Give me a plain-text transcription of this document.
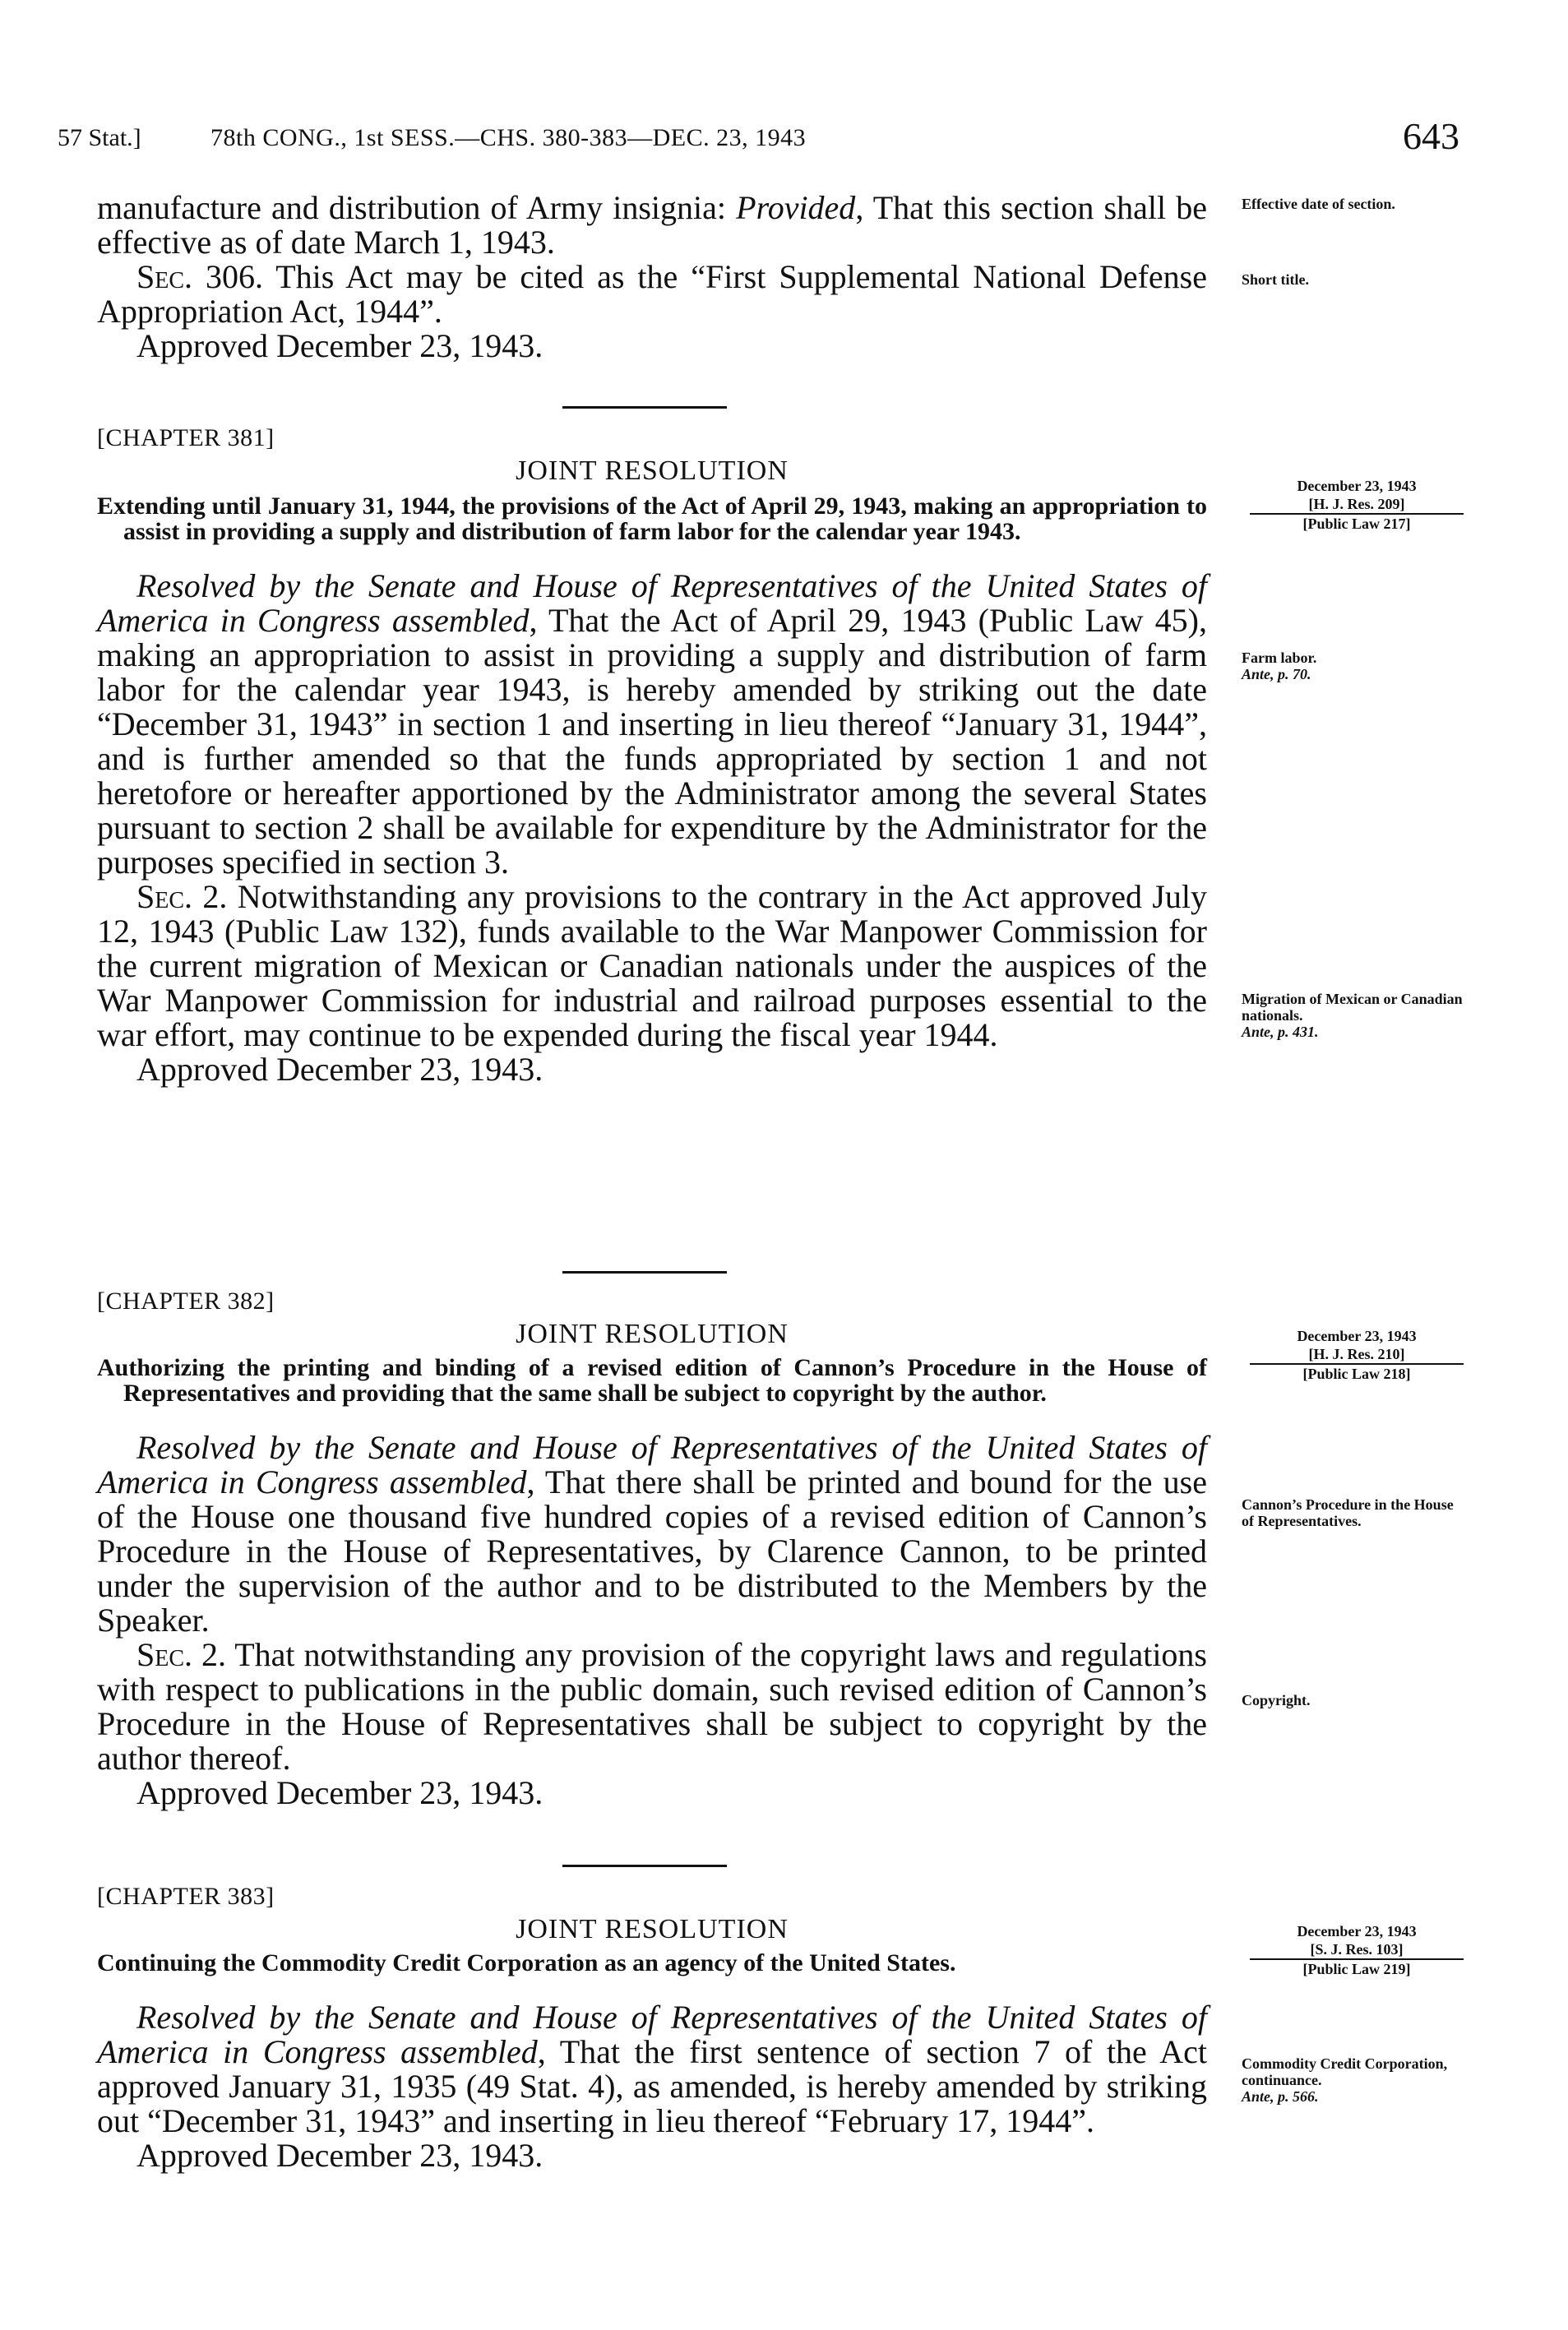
57 Stat.]	78th CONG., 1st SESS.—CHS. 380-383—DEC. 23, 1943	643

manufacture and distribution of Army insignia: Provided, That this section shall be effective as of date March 1, 1943.

Sec. 306. This Act may be cited as the “First Supplemental National Defense Appropriation Act, 1944”.

Approved December 23, 1943.

Effective date of section.
Short title.

[CHAPTER 381]

JOINT RESOLUTION

Extending until January 31, 1944, the provisions of the Act of April 29, 1943, making an appropriation to assist in providing a supply and distribution of farm labor for the calendar year 1943.

Resolved by the Senate and House of Representatives of the United States of America in Congress assembled, That the Act of April 29, 1943 (Public Law 45), making an appropriation to assist in providing a supply and distribution of farm labor for the calendar year 1943, is hereby amended by striking out the date “December 31, 1943” in section 1 and inserting in lieu thereof “January 31, 1944”, and is further amended so that the funds appropriated by section 1 and not heretofore or hereafter apportioned by the Administrator among the several States pursuant to section 2 shall be available for expenditure by the Administrator for the purposes specified in section 3.

Sec. 2. Notwithstanding any provisions to the contrary in the Act approved July 12, 1943 (Public Law 132), funds available to the War Manpower Commission for the current migration of Mexican or Canadian nationals under the auspices of the War Manpower Commission for industrial and railroad purposes essential to the war effort, may continue to be expended during the fiscal year 1944.

Approved December 23, 1943.

December 23, 1943

[H. J. Res. 209]
[Public Law 217]
Farm labor.
Ante, p. 70.
Migration of Mexican or Canadian nationals.
Ante, p. 431.

[CHAPTER 382]

JOINT RESOLUTION

Authorizing the printing and binding of a revised edition of Cannon’s Procedure in the House of Representatives and providing that the same shall be subject to copyright by the author.

Resolved by the Senate and House of Representatives of the United States of America in Congress assembled, That there shall be printed and bound for the use of the House one thousand five hundred copies of a revised edition of Cannon’s Procedure in the House of Representatives, by Clarence Cannon, to be printed under the supervision of the author and to be distributed to the Members by the Speaker.

Sec. 2. That notwithstanding any provision of the copyright laws and regulations with respect to publications in the public domain, such revised edition of Cannon’s Procedure in the House of Representatives shall be subject to copyright by the author thereof.

Approved December 23, 1943.

December 23, 1943

[H. J. Res. 210]
[Public Law 218]
Cannon’s Procedure in the House of Representatives.
Copyright.

[CHAPTER 383]

JOINT RESOLUTION

Continuing the Commodity Credit Corporation as an agency of the United States.

Resolved by the Senate and House of Representatives of the United States of America in Congress assembled, That the first sentence of section 7 of the Act approved January 31, 1935 (49 Stat. 4), as amended, is hereby amended by striking out “December 31, 1943” and inserting in lieu thereof “February 17, 1944”.

Approved December 23, 1943.

December 23, 1943

[S. J. Res. 103]
[Public Law 219]
Commodity Credit Corporation, continuance.
Ante, p. 566.
